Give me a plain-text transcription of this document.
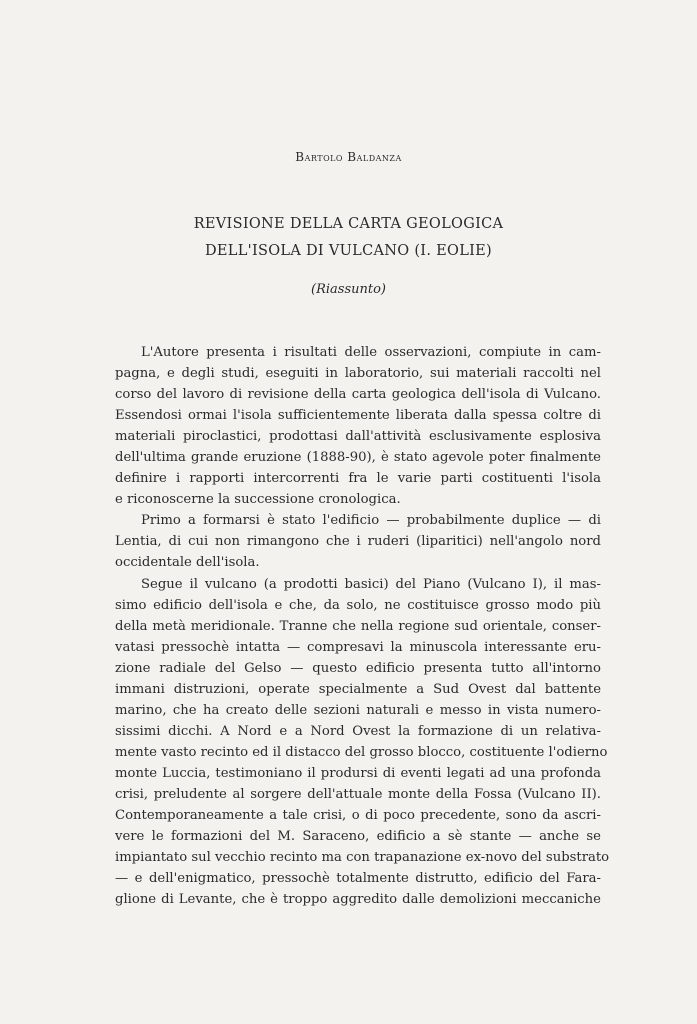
Bartolo Baldanza
REVISIONE DELLA CARTA GEOLOGICA
DELL'ISOLA DI VULCANO (I. EOLIE)
(Riassunto)
L'Autore presenta i risultati delle osservazioni, compiute in cam-
pagna, e degli studi, eseguiti in laboratorio, sui materiali raccolti nel
corso del lavoro di revisione della carta geologica dell'isola di Vulcano.
Essendosi ormai l'isola sufficientemente liberata dalla spessa coltre di
materiali piroclastici, prodottasi dall'attività esclusivamente esplosiva
dell'ultima grande eruzione (1888-90), è stato agevole poter finalmente
definire i rapporti intercorrenti fra le varie parti costituenti l'isola
e riconoscerne la successione cronologica.
Primo a formarsi è stato l'edificio — probabilmente duplice — di
Lentia, di cui non rimangono che i ruderi (liparitici) nell'angolo nord
occidentale dell'isola.
Segue il vulcano (a prodotti basici) del Piano (Vulcano I), il mas-
simo edificio dell'isola e che, da solo, ne costituisce grosso modo più
della metà meridionale. Tranne che nella regione sud orientale, conser-
vatasi pressochè intatta — compresavi la minuscola interessante eru-
zione radiale del Gelso — questo edificio presenta tutto all'intorno
immani distruzioni, operate specialmente a Sud Ovest dal battente
marino, che ha creato delle sezioni naturali e messo in vista numero-
sissimi dicchi. A Nord e a Nord Ovest la formazione di un relativa-
mente vasto recinto ed il distacco del grosso blocco, costituente l'odierno
monte Luccia, testimoniano il prodursi di eventi legati ad una profonda
crisi, preludente al sorgere dell'attuale monte della Fossa (Vulcano II).
Contemporaneamente a tale crisi, o di poco precedente, sono da ascri-
vere le formazioni del M. Saraceno, edificio a sè stante — anche se
impiantato sul vecchio recinto ma con trapanazione ex-novo del substrato
— e dell'enigmatico, pressochè totalmente distrutto, edificio del Fara-
glione di Levante, che è troppo aggredito dalle demolizioni meccaniche
